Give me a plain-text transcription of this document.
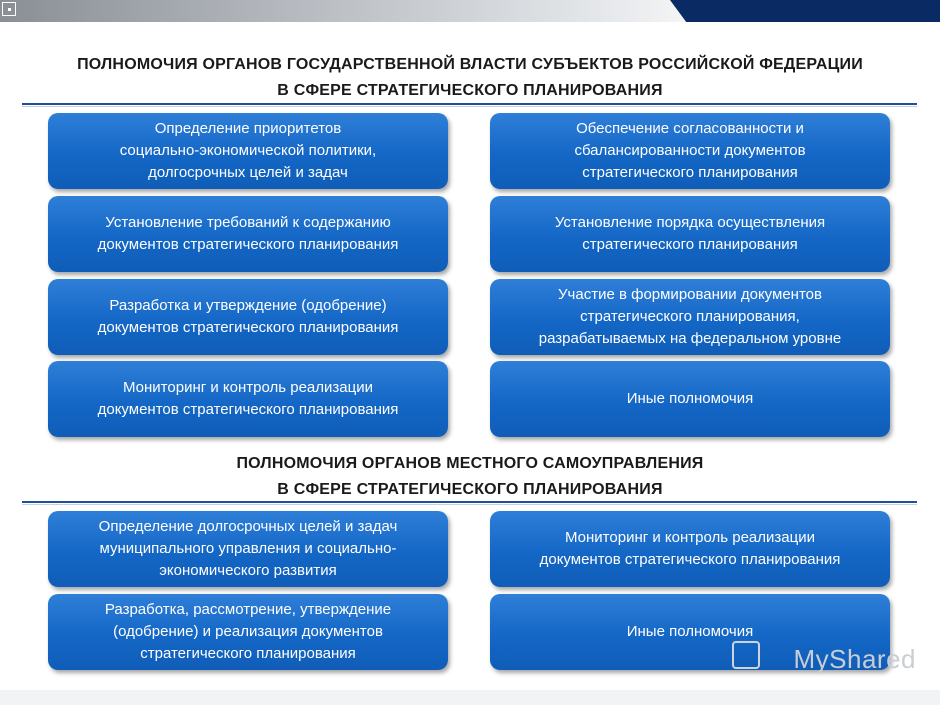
ПОЛНОМОЧИЯ ОРГАНОВ ГОСУДАРСТВЕННОЙ ВЛАСТИ СУБЪЕКТОВ РОССИЙСКОЙ ФЕДЕРАЦИИ
В СФЕРЕ СТРАТЕГИЧЕСКОГО ПЛАНИРОВАНИЯ
Определение приоритетов
социально-экономической политики,
долгосрочных целей и задач
Обеспечение согласованности и
сбалансированности документов
стратегического планирования
Установление требований к содержанию
документов стратегического планирования
Установление порядка осуществления
стратегического планирования
Разработка и утверждение (одобрение)
документов стратегического планирования
Участие в формировании документов
стратегического планирования,
разрабатываемых на федеральном уровне
Мониторинг и контроль реализации
документов стратегического планирования
Иные полномочия
ПОЛНОМОЧИЯ ОРГАНОВ МЕСТНОГО САМОУПРАВЛЕНИЯ
В СФЕРЕ СТРАТЕГИЧЕСКОГО ПЛАНИРОВАНИЯ
Определение долгосрочных целей и задач
муниципального управления и социально-
экономического развития
Мониторинг и контроль реализации
документов стратегического планирования
Разработка, рассмотрение, утверждение
(одобрение) и реализация документов
стратегического планирования
Иные полномочия
MyShared
